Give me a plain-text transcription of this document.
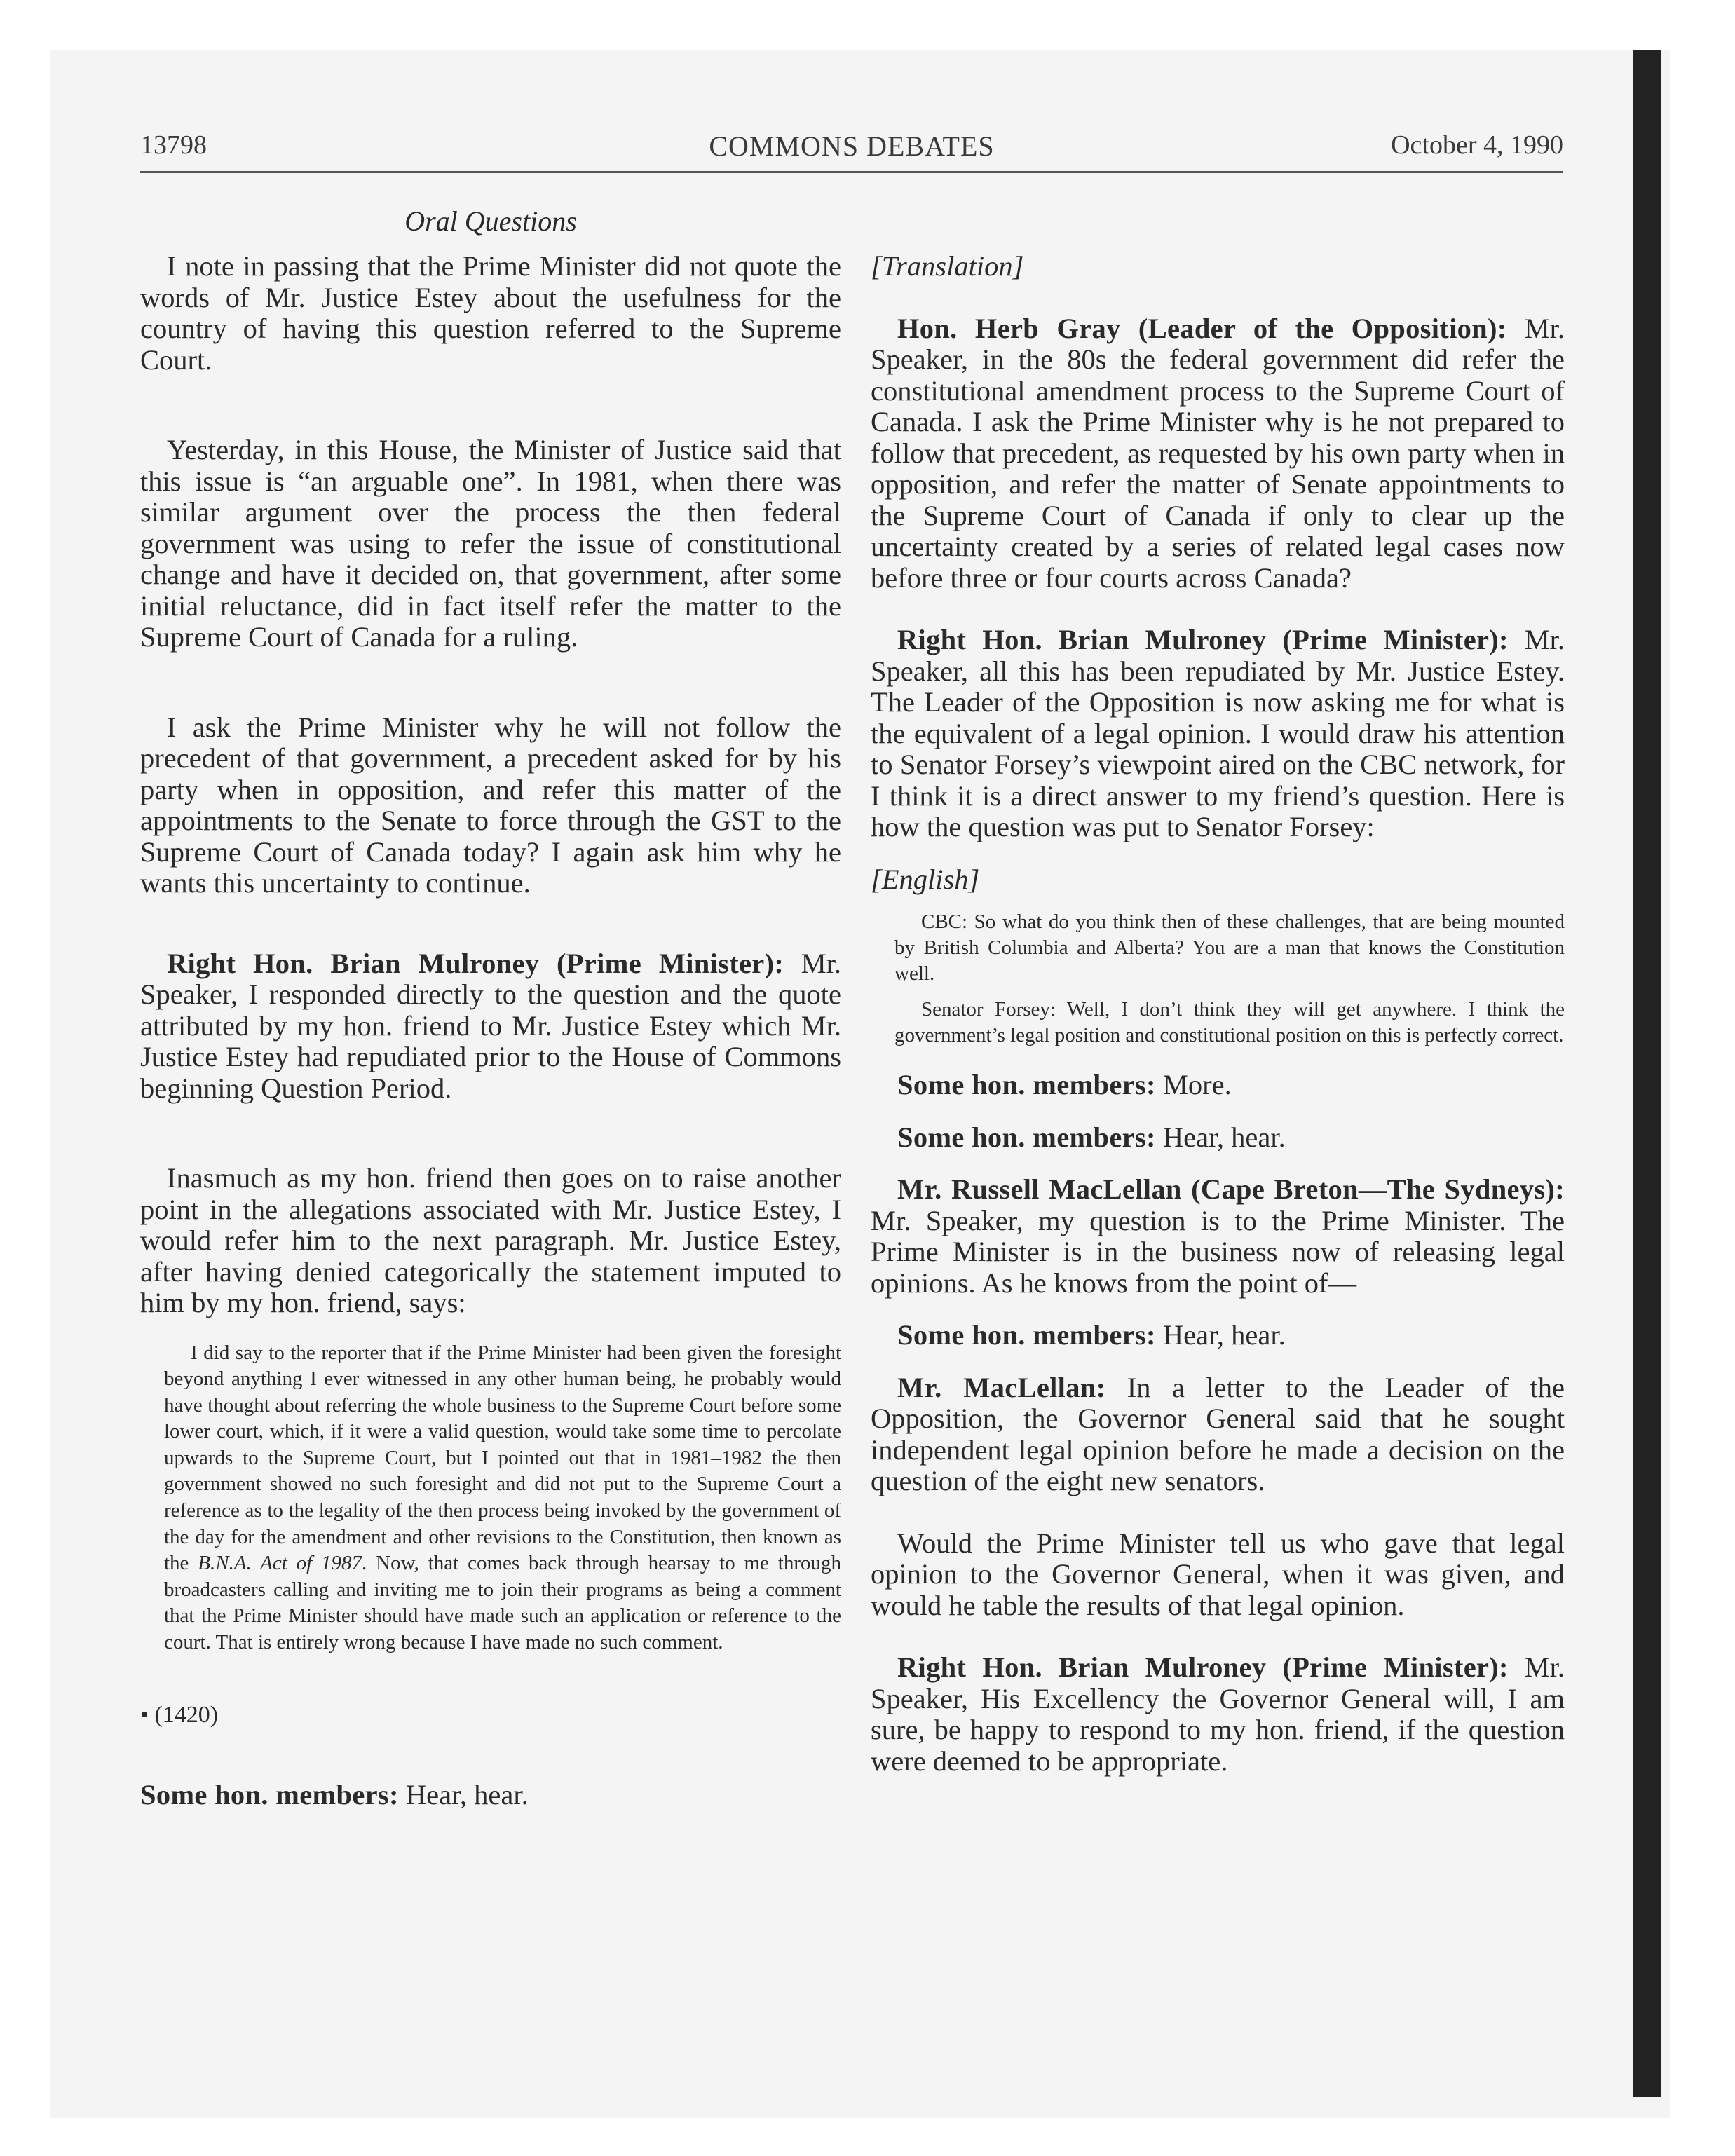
13798	COMMONS DEBATES	October 4, 1990
Oral Questions

I note in passing that the Prime Minister did not quote the words of Mr. Justice Estey about the usefulness for the country of having this question referred to the Supreme Court.

Yesterday, in this House, the Minister of Justice said that this issue is “an arguable one”. In 1981, when there was similar argument over the process the then federal government was using to refer the issue of constitutional change and have it decided on, that government, after some initial reluctance, did in fact itself refer the matter to the Supreme Court of Canada for a ruling.

I ask the Prime Minister why he will not follow the precedent of that government, a precedent asked for by his party when in opposition, and refer this matter of the appointments to the Senate to force through the GST to the Supreme Court of Canada today? I again ask him why he wants this uncertainty to continue.

Right Hon. Brian Mulroney (Prime Minister): Mr. Speaker, I responded directly to the question and the quote attributed by my hon. friend to Mr. Justice Estey which Mr. Justice Estey had repudiated prior to the House of Commons beginning Question Period.

Inasmuch as my hon. friend then goes on to raise another point in the allegations associated with Mr. Justice Estey, I would refer him to the next paragraph. Mr. Justice Estey, after having denied categorically the statement imputed to him by my hon. friend, says:

I did say to the reporter that if the Prime Minister had been given the foresight beyond anything I ever witnessed in any other human being, he probably would have thought about referring the whole business to the Supreme Court before some lower court, which, if it were a valid question, would take some time to percolate upwards to the Supreme Court, but I pointed out that in 1981–1982 the then government showed no such foresight and did not put to the Supreme Court a reference as to the legality of the then process being invoked by the government of the day for the amendment and other revisions to the Constitution, then known as the B.N.A. Act of 1987. Now, that comes back through hearsay to me through broadcasters calling and inviting me to join their programs as being a comment that the Prime Minister should have made such an application or reference to the court. That is entirely wrong because I have made no such comment.

• (1420)

Some hon. members: Hear, hear.

[Translation]

Hon. Herb Gray (Leader of the Opposition): Mr. Speaker, in the 80s the federal government did refer the constitutional amendment process to the Supreme Court of Canada. I ask the Prime Minister why is he not prepared to follow that precedent, as requested by his own party when in opposition, and refer the matter of Senate appointments to the Supreme Court of Canada if only to clear up the uncertainty created by a series of related legal cases now before three or four courts across Canada?

Right Hon. Brian Mulroney (Prime Minister): Mr. Speaker, all this has been repudiated by Mr. Justice Estey. The Leader of the Opposition is now asking me for what is the equivalent of a legal opinion. I would draw his attention to Senator Forsey’s viewpoint aired on the CBC network, for I think it is a direct answer to my friend’s question. Here is how the question was put to Senator Forsey:

[English]

CBC: So what do you think then of these challenges, that are being mounted by British Columbia and Alberta? You are a man that knows the Constitution well.

Senator Forsey: Well, I don’t think they will get anywhere. I think the government’s legal position and constitutional position on this is perfectly correct.

Some hon. members: More.

Some hon. members: Hear, hear.

Mr. Russell MacLellan (Cape Breton—The Sydneys): Mr. Speaker, my question is to the Prime Minister. The Prime Minister is in the business now of releasing legal opinions. As he knows from the point of—

Some hon. members: Hear, hear.

Mr. MacLellan: In a letter to the Leader of the Opposition, the Governor General said that he sought independent legal opinion before he made a decision on the question of the eight new senators.

Would the Prime Minister tell us who gave that legal opinion to the Governor General, when it was given, and would he table the results of that legal opinion.

Right Hon. Brian Mulroney (Prime Minister): Mr. Speaker, His Excellency the Governor General will, I am sure, be happy to respond to my hon. friend, if the question were deemed to be appropriate.
